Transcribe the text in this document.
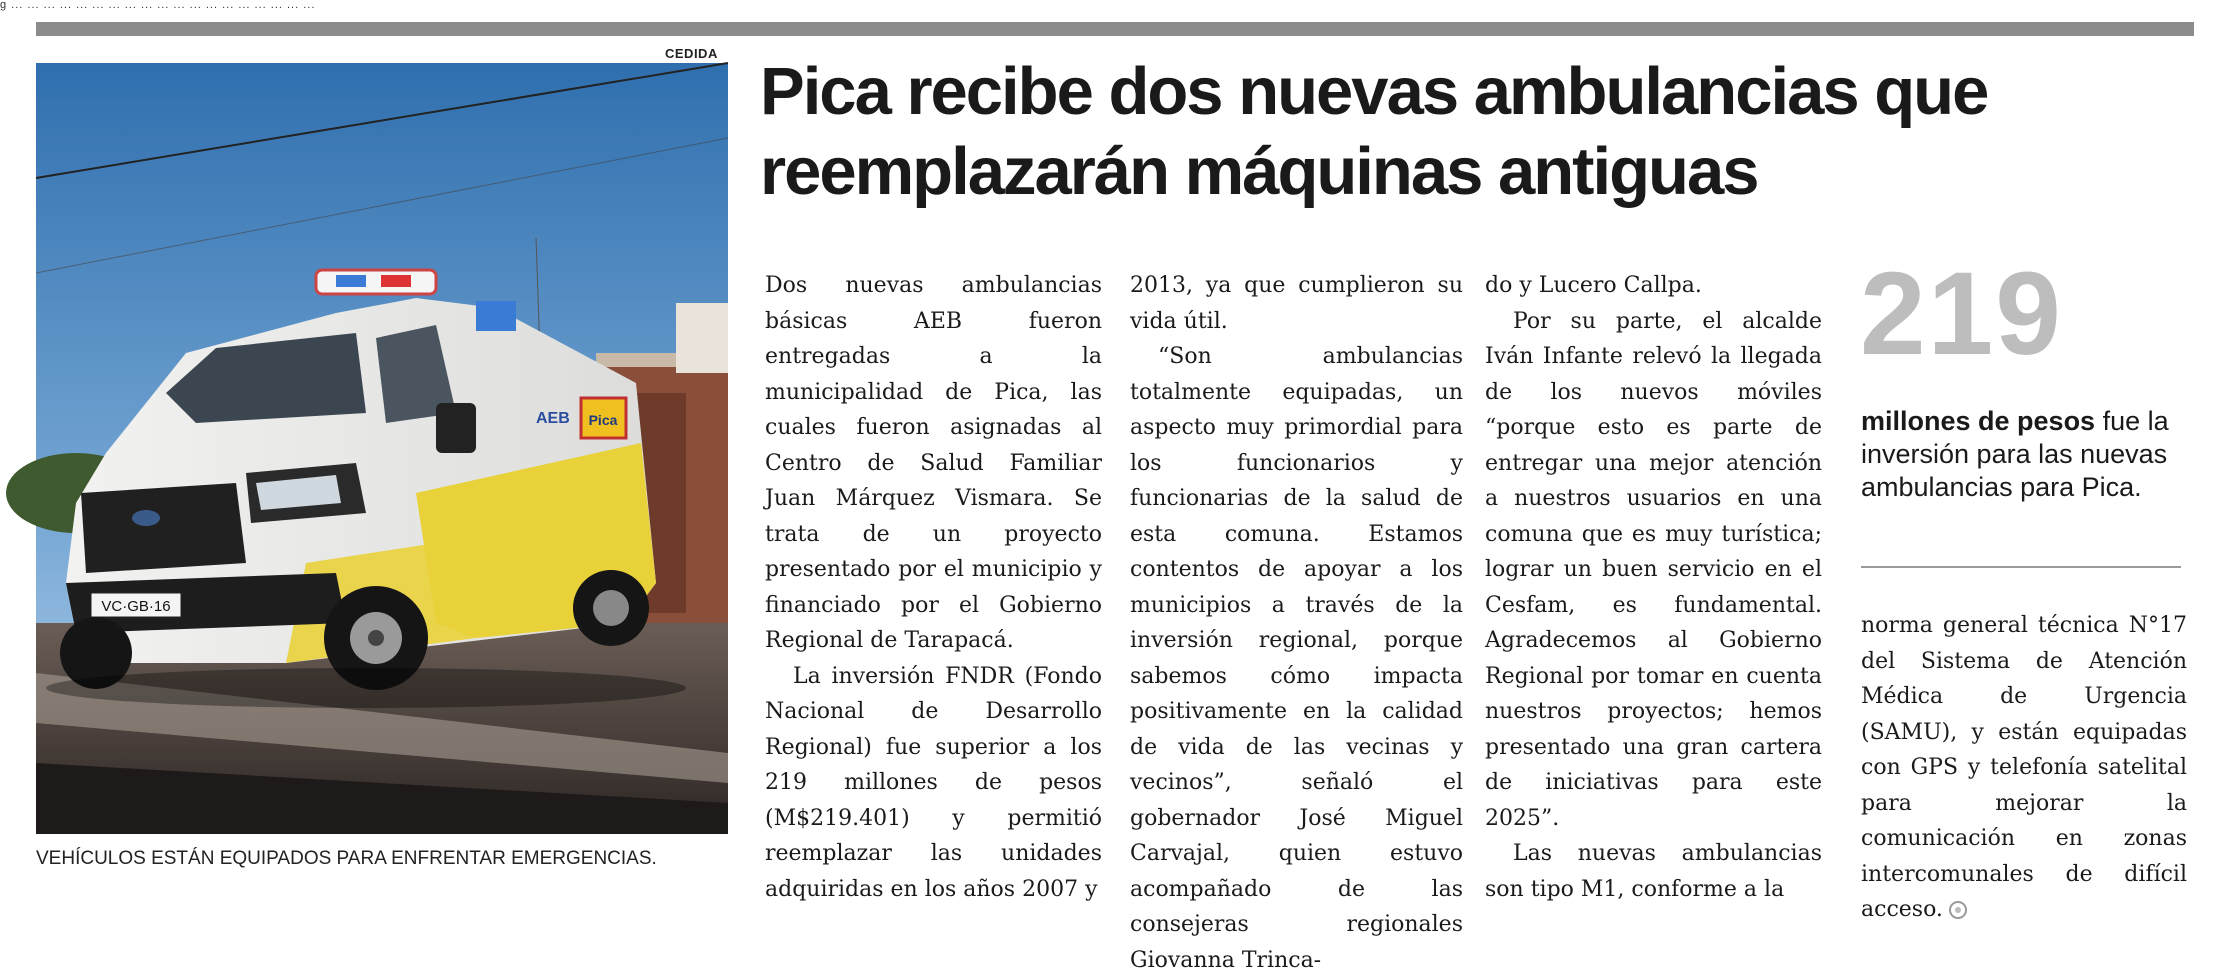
g ... ... ... ... ... ... ... ... ... ... ... ... ... ... ... ... ... ... ...
CEDIDA
VC·GB·16
AEB Pica
VEHÍCULOS ESTÁN EQUIPADOS PARA ENFRENTAR EMERGENCIAS.
Pica recibe dos nuevas ambulancias que
reemplazarán máquinas antiguas

Dos nuevas ambulancias básicas AEB fueron entregadas a la municipalidad de Pica, las cuales fueron asignadas al Centro de Salud Familiar Juan Márquez Vismara. Se trata de un proyecto presentado por el municipio y financiado por el Gobierno Regional de Tarapacá.

La inversión FNDR (Fondo Nacional de Desarrollo Regional) fue superior a los 219 millones de pesos (M$219.401) y permitió reemplazar las unidades adquiridas en los años 2007 y

2013, ya que cumplieron su vida útil.

“Son ambulancias totalmente equipadas, un aspecto muy primordial para los funcionarios y funcionarias de la salud de esta comuna. Estamos contentos de apoyar a los municipios a través de la inversión regional, porque sabemos cómo impacta positivamente en la calidad de vida de las vecinas y vecinos”, señaló el gobernador José Miguel Carvajal, quien estuvo acompañado de las consejeras regionales Giovanna Trinca-

do y Lucero Callpa.

Por su parte, el alcalde Iván Infante relevó la llegada de los nuevos móviles “porque esto es parte de entregar una mejor atención a nuestros usuarios en una comuna que es muy turística; lograr un buen servicio en el Cesfam, es fundamental. Agradecemos al Gobierno Regional por tomar en cuenta nuestros proyectos; hemos presentado una gran cartera de iniciativas para este 2025”.

Las nuevas ambulancias son tipo M1, conforme a la

219
millones de pesos fue la inversión para las nuevas ambulancias para Pica.

norma general técnica N°17 del Sistema de Atención Médica de Urgencia (SAMU), y están equipadas con GPS y telefonía satelital para mejorar la comunicación en zonas intercomunales de difícil acceso.
